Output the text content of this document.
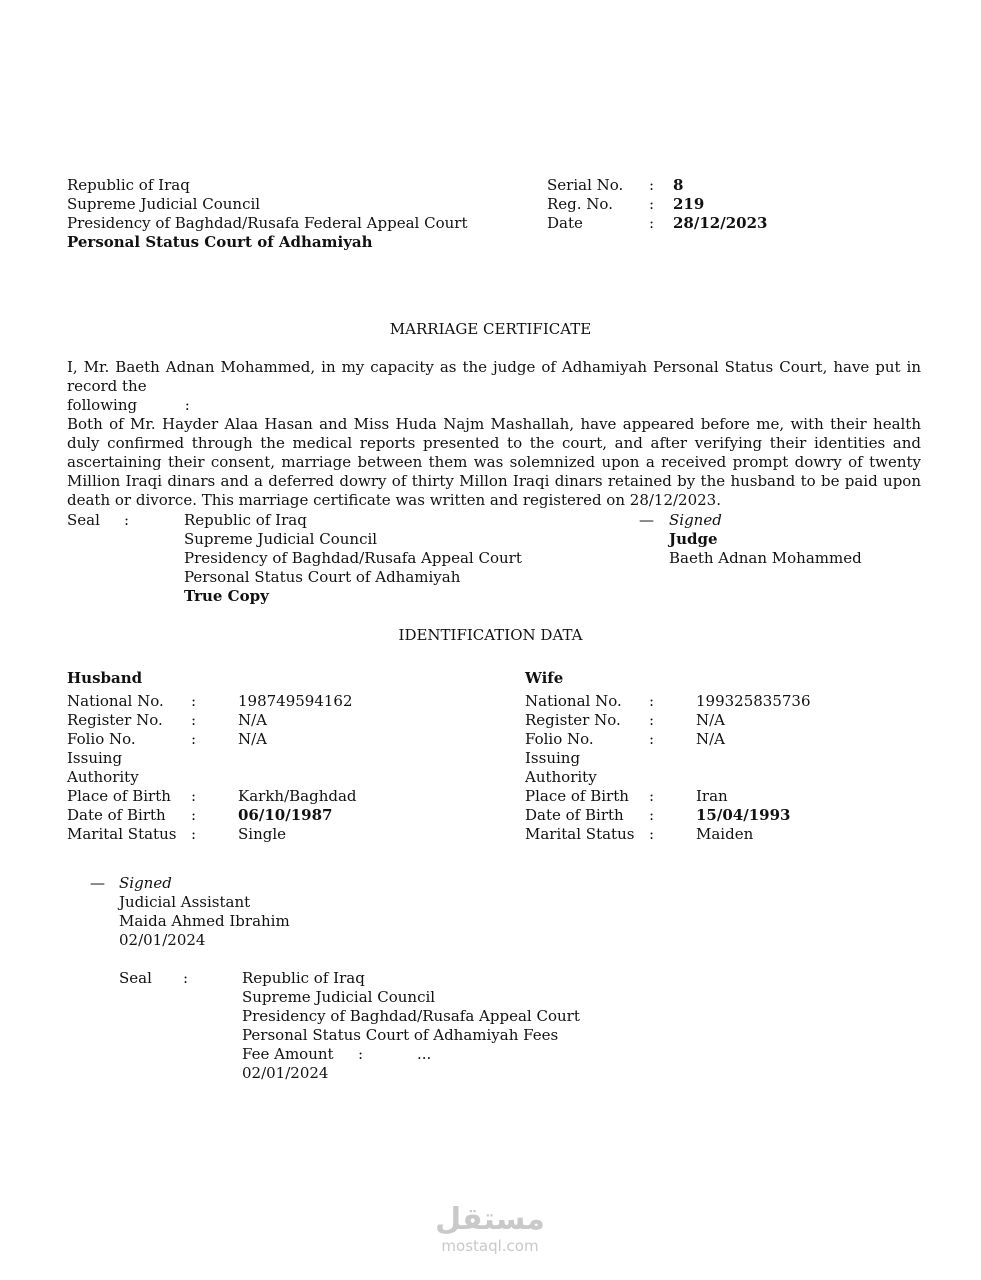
Republic of Iraq
Supreme Judicial Council
Presidency of Baghdad/Rusafa Federal Appeal Court
Personal Status Court of Adhamiyah
Serial No. : 8
Reg. No. : 219
Date	: 28/12/2023
MARRIAGE CERTIFICATE

I, Mr. Baeth Adnan Mohammed, in my capacity as the judge of Adhamiyah Personal Status Court, have put in record the

following          :

Both of Mr. Hayder Alaa Hasan and Miss Huda Najm Mashallah, have appeared before me, with their health duly confirmed through the medical reports presented to the court, and after verifying their identities and ascertaining their consent, marriage between them was solemnized upon a received prompt dowry of twenty Million Iraqi dinars and a deferred dowry of thirty Millon Iraqi dinars retained by the husband to be paid upon death or divorce. This marriage certificate was written and registered on 28/12/2023.

Seal :	Republic of Iraq
Supreme Judicial Council
Presidency of Baghdad/Rusafa Appeal Court
Personal Status Court of Adhamiyah
True Copy
— Signed
Judge
Baeth Adnan Mohammed
IDENTIFICATION DATA
Husband
National No. :	198749594162
Register No. :	N/A
Folio No.	:	N/A
Issuing
Authority
Place of Birth :	Karkh/Baghdad
Date of Birth :	06/10/1987
Marital Status :	Single
Wife
National No. :	199325835736
Register No. :	N/A
Folio No.	:	N/A
Issuing
Authority
Place of Birth :	Iran
Date of Birth :	15/04/1993
Marital Status :	Maiden
— Signed
Judicial Assistant
Maida Ahmed Ibrahim
02/01/2024
Seal :	Republic of Iraq
Supreme Judicial Council
Presidency of Baghdad/Rusafa Appeal Court
Personal Status Court of Adhamiyah Fees
Fee Amount :	...
02/01/2024
مستقل
mostaql.com
